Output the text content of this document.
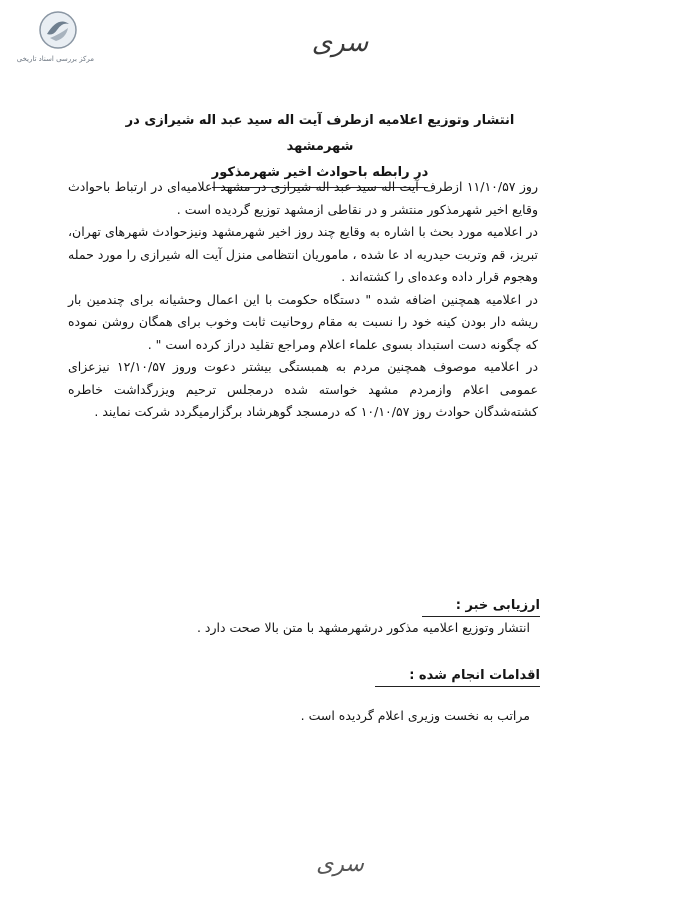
مرکز بررسی اسناد تاریخی
سری
انتشار وتوزیع اعلامیه ازطرف آیت اله سید عبد اله شیرازی در شهرمشهد
در رابطه باحوادث اخیر شهرمذکور

روز ۱۱/۱۰/۵۷ ازطرف آیت اله سید عبد اله شیرازی در مشهد اعلامیه‌ای در ارتباط باحوادث وقایع اخیر شهرمذکور منتشر و در نقاطی ازمشهد توزیع گردیده است .

در اعلامیه مورد بحث با اشاره به وقایع چند روز اخیر شهرمشهد ونیزحوادث شهرهای تهران، تبریز، قم وتربت حیدریه اد عا شده ، ماموریان انتظامی منزل آیت اله شیرازی را مورد حمله وهجوم قرار داده وعده‌ای را کشته‌اند .

در اعلامیه همچنین اضافه شده " دستگاه حکومت با این اعمال وحشیانه برای چندمین بار ریشه دار بودن کینه خود را نسبت به مقام روحانیت ثابت وخوب برای همگان روشن نموده که چگونه دست استبداد بسوی علماء اعلام ومراجع تقلید دراز کرده است " .

در اعلامیه موصوف همچنین مردم به همبستگی بیشتر دعوت وروز ۱۲/۱۰/۵۷ نیزعزای عمومی اعلام وازمردم مشهد خواسته شده درمجلس ترحیم ویزرگداشت خاطره کشته‌شدگان حوادث روز ۱۰/۱۰/۵۷ که درمسجد گوهرشاد برگزارمیگردد شرکت نمایند .

ارزیابی خبر :
انتشار وتوزیع اعلامیه مذکور درشهرمشهد با متن بالا صحت دارد .
اقدامات انجام شده :
مراتب به نخست وزیری اعلام گردیده است .
سری
